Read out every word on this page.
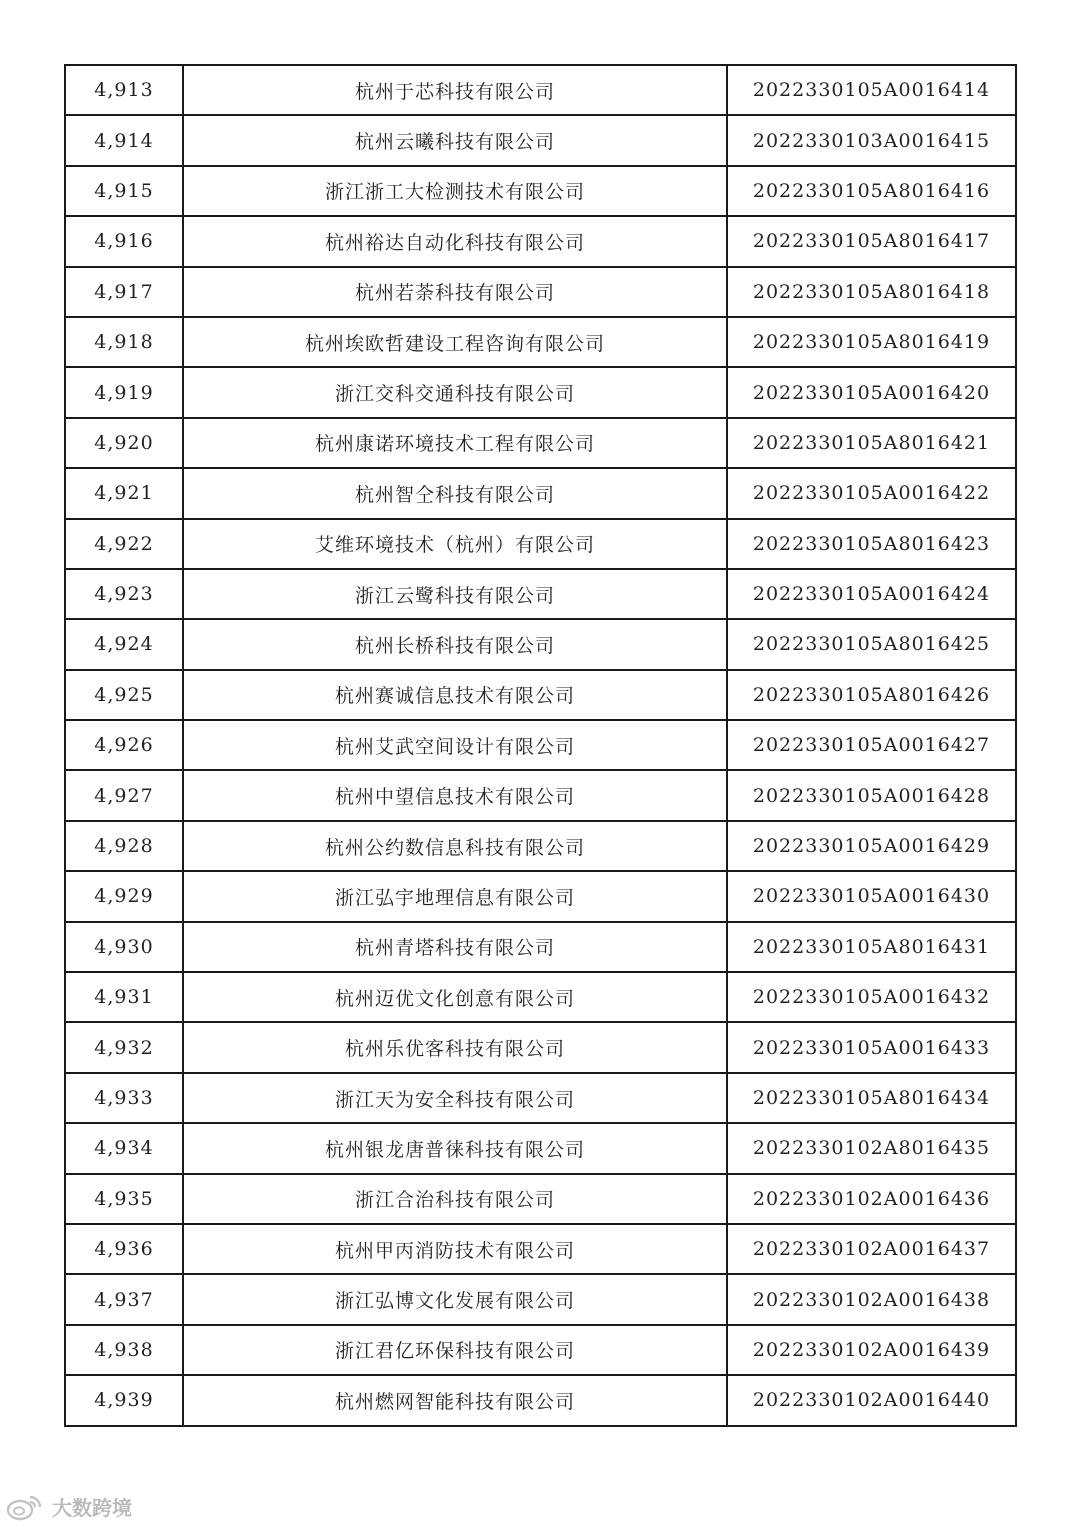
4,913	杭州于芯科技有限公司	2022330105A0016414
4,914	杭州云曦科技有限公司	2022330103A0016415
4,915	浙江浙工大检测技术有限公司	2022330105A8016416
4,916	杭州裕达自动化科技有限公司	2022330105A8016417
4,917	杭州若荼科技有限公司	2022330105A8016418
4,918	杭州埃欧哲建设工程咨询有限公司	2022330105A8016419
4,919	浙江交科交通科技有限公司	2022330105A0016420
4,920	杭州康诺环境技术工程有限公司	2022330105A8016421
4,921	杭州智仝科技有限公司	2022330105A0016422
4,922	艾维环境技术（杭州）有限公司	2022330105A8016423
4,923	浙江云鹭科技有限公司	2022330105A0016424
4,924	杭州长桥科技有限公司	2022330105A8016425
4,925	杭州赛诚信息技术有限公司	2022330105A8016426
4,926	杭州艾武空间设计有限公司	2022330105A0016427
4,927	杭州中望信息技术有限公司	2022330105A0016428
4,928	杭州公约数信息科技有限公司	2022330105A0016429
4,929	浙江弘宇地理信息有限公司	2022330105A0016430
4,930	杭州青塔科技有限公司	2022330105A8016431
4,931	杭州迈优文化创意有限公司	2022330105A0016432
4,932	杭州乐优客科技有限公司	2022330105A0016433
4,933	浙江天为安全科技有限公司	2022330105A8016434
4,934	杭州银龙唐普徕科技有限公司	2022330102A8016435
4,935	浙江合治科技有限公司	2022330102A0016436
4,936	杭州甲丙消防技术有限公司	2022330102A0016437
4,937	浙江弘博文化发展有限公司	2022330102A0016438
4,938	浙江君亿环保科技有限公司	2022330102A0016439
4,939	杭州燃网智能科技有限公司	2022330102A0016440
大数跨境
